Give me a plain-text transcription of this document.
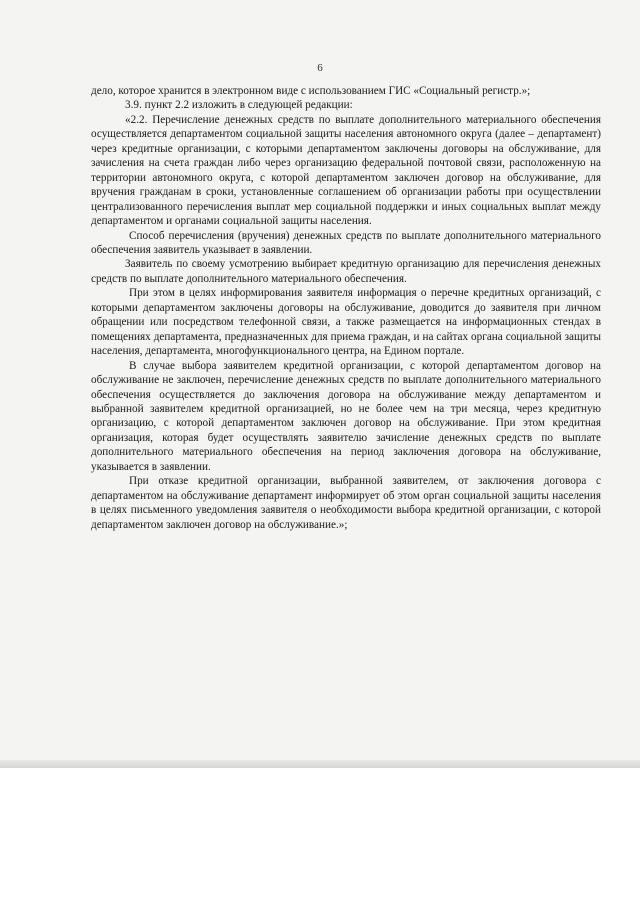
6

дело, которое хранится в электронном виде с использованием ГИС «Социальный регистр.»;

3.9. пункт 2.2 изложить в следующей редакции:

«2.2. Перечисление денежных средств по выплате дополнительного материального обеспечения осуществляется департаментом социальной защиты населения автономного округа (далее – департамент) через кредитные организации, с которыми департаментом заключены договоры на обслуживание, для зачисления на счета граждан либо через организацию федеральной почтовой связи, расположенную на территории автономного округа, с которой департаментом заключен договор на обслуживание, для вручения гражданам в сроки, установленные соглашением об организации работы при осуществлении централизованного перечисления выплат мер социальной поддержки и иных социальных выплат между департаментом и органами социальной защиты населения.

Способ перечисления (вручения) денежных средств по выплате дополнительного материального обеспечения заявитель указывает в заявлении.

Заявитель по своему усмотрению выбирает кредитную организацию для перечисления денежных средств по выплате дополнительного материального обеспечения.

При этом в целях информирования заявителя информация о перечне кредитных организаций, с которыми департаментом заключены договоры на обслуживание, доводится до заявителя при личном обращении или посредством телефонной связи, а также размещается на информационных стендах в помещениях департамента, предназначенных для приема граждан, и на сайтах органа социальной защиты населения, департамента, многофункционального центра, на Едином портале.

В случае выбора заявителем кредитной организации, с которой департаментом договор на обслуживание не заключен, перечисление денежных средств по выплате дополнительного материального обеспечения осуществляется до заключения договора на обслуживание между департаментом и выбранной заявителем кредитной организацией, но не более чем на три месяца, через кредитную организацию, с которой департаментом заключен договор на обслуживание. При этом кредитная организация, которая будет осуществлять заявителю зачисление денежных средств по выплате дополнительного материального обеспечения на период заключения договора на обслуживание, указывается в заявлении.

При отказе кредитной организации, выбранной заявителем, от заключения договора с департаментом на обслуживание департамент информирует об этом орган социальной защиты населения в целях письменного уведомления заявителя о необходимости выбора кредитной организации, с которой департаментом заключен договор на обслуживание.»;
